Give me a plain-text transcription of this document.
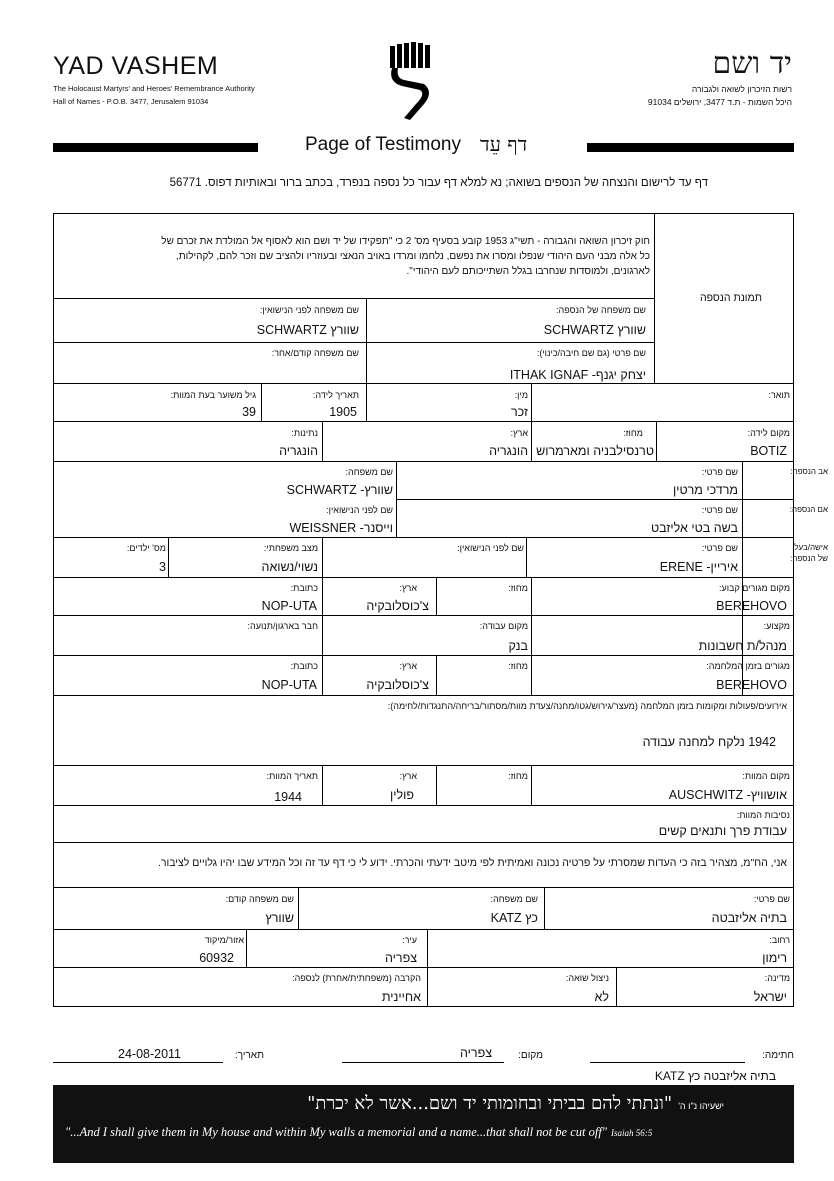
YAD VASHEM
The Holocaust Martyrs' and Heroes' Remembrance Authority
Hall of Names - P.O.B. 3477, Jerusalem 91034
יד ושם
רשות הזיכרון לשואה ולגבורה
היכל השמות - ת.ד 3477, ירושלים 91034
Page of Testimony דף עֵד
דף עד לרישום והנצחה של הנספים בשואה; נא למלא דף עבור כל נספה בנפרד, בכתב ברור ובאותיות דפוס. 56771
חוק זיכרון השואה והגבורה - תשי"ג 1953 קובע בסעיף מס' 2 כי "תפקידו של יד ושם הוא לאסוף אל המולדת את זכרם של
כל אלה מבני העם היהודי שנפלו ומסרו את נפשם, נלחמו ומרדו באויב הנאצי ובעוזריו ולהציב שם וזכר להם, לקהילות,
לארגונים, ולמוסדות שנחרבו בגלל השתייכותם לעם היהודי".
תמונת הנספה
שם משפחה של הנספה:
שוורץ SCHWARTZ
שם משפחה לפני הנישואין:
שוורץ SCHWARTZ
שם פרטי (גם שם חיבה/כינוי):
יצחק יגנף- ITHAK IGNAF
שם משפחה קודם/אחר:
תואר:
מין:
זכר
תאריך לידה:
1905
גיל משוער בעת המוות:
39
מקום לידה:
BOTIZ
מחוז:
טרנסילבניה ומארמרוש
ארץ:
הונגריה
נתינות:
הונגריה
אב הנספה:
שם פרטי:
מרדכי מרטין
שם משפחה:
שוורץ- SCHWARTZ
אם הנספה:
שם פרטי:
בשה בטי אליזבט
שם לפני הנישואין:
וייסנר- WEISSNER
אישה/בעל
של הנספה:
שם פרטי:
איריין- ERENE
שם לפני הנישואין:
מצב משפחתי:
נשוי/נשואה
מס' ילדים:
3
מקום מגורים קבוע:
BEREHOVO
מחוז:
ארץ:
צ'כוסלובקיה
כתובת:
NOP-UTA
מקצוע:
מנהל/ת חשבונות
מקום עבודה:
בנק
חבר בארגון/תנועה:
מגורים בזמן המלחמה:
BEREHOVO
מחוז:
ארץ:
צ'כוסלובקיה
כתובת:
NOP-UTA
אירועים/פעולות ומקומות בזמן המלחמה (מעצר/גירוש/גטו/מחנה/צעדת מוות/מסתור/בריחה/התנגדות/לחימה):
1942 נלקח למחנה עבודה
מקום המוות:
אושוויץ- AUSCHWITZ
מחוז:
ארץ:
פולין
תאריך המוות:
1944
נסיבות המוות:
עבודת פרך ותנאים קשים
אני, הח"מ, מצהיר בזה כי העדות שמסרתי על פרטיה נכונה ואמיתית לפי מיטב ידעתי והכרתי. ידוע לי כי דף עד זה וכל המידע שבו יהיו גלויים לציבור.
שם פרטי:
בתיה אליזבטה
שם משפחה:
כץ KATZ
שם משפחה קודם:
שוורץ
רחוב:
רימון
עיר:
צפריה
אזור/מיקוד
60932
מדינה:
ישראל
ניצול שואה:
לא
הקרבה (משפחתית/אחרת) לנספה:
אחיינית
חתימה:
מקום:
צפריה
תאריך:
24-08-2011
בתיה אליזבטה כץ KATZ
ישעיהו נ"ו ה'"ונתתי להם בביתי ובחומותי יד ושם...אשר לא יכרת"
"...And I shall give them in My house and within My walls a memorial and a name...that shall not be cut off" Isaiah 56:5
